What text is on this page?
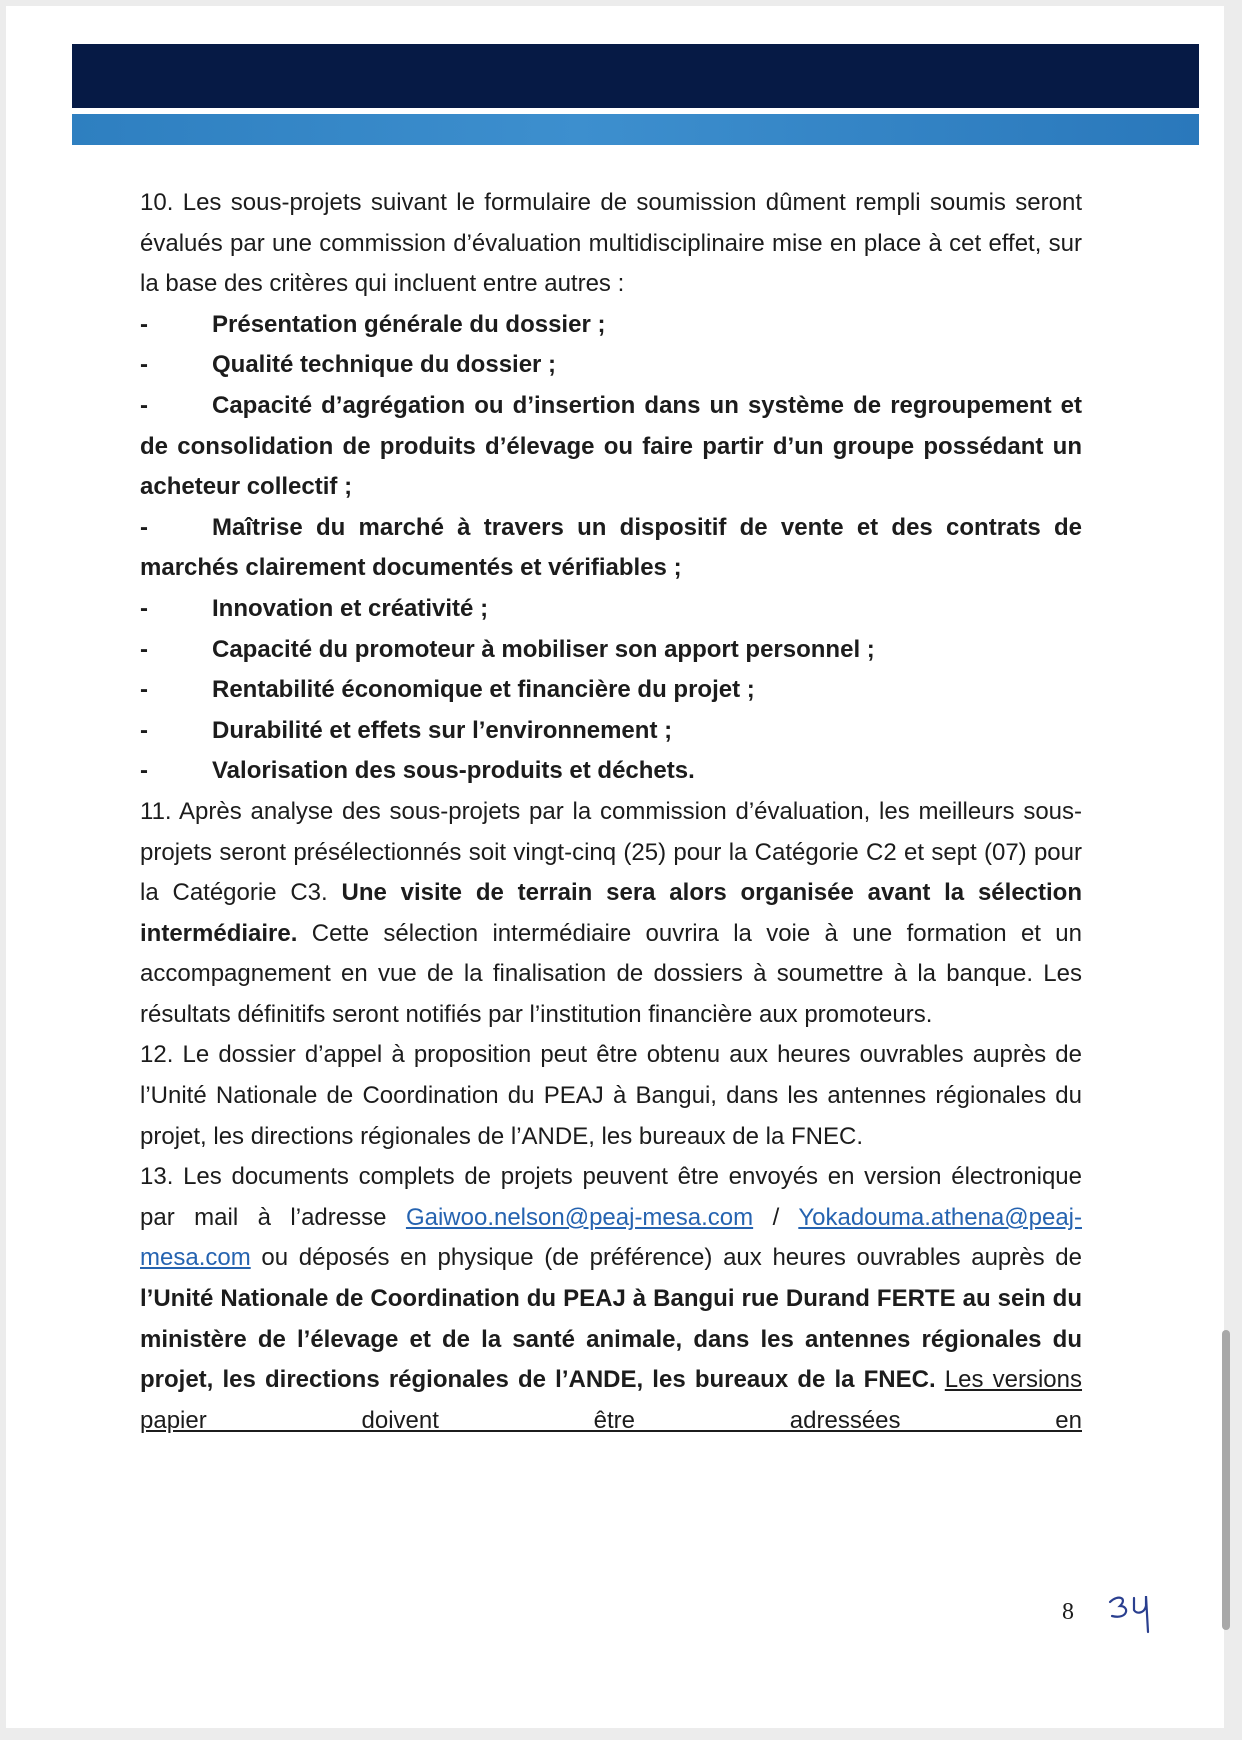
10. Les sous-projets suivant le formulaire de soumission dûment rempli soumis seront évalués par une commission d’évaluation multidisciplinaire mise en place à cet effet, sur la base des critères qui incluent entre autres :

-	Présentation générale du dossier ;

-	Qualité technique du dossier ;

-	Capacité d’agrégation ou d’insertion dans un système de regroupement et de consolidation de produits d’élevage ou faire partir d’un groupe possédant un acheteur collectif ;

-	Maîtrise du marché à travers un dispositif de vente et des contrats de marchés clairement documentés et vérifiables ;

-	Innovation et créativité ;

-	Capacité du promoteur à mobiliser son apport personnel ;

-	Rentabilité économique et financière du projet ;

-	Durabilité et effets sur l’environnement ;

-	Valorisation des sous-produits et déchets.

11. Après analyse des sous-projets par la commission d’évaluation, les meilleurs sous-projets seront présélectionnés soit vingt-cinq (25) pour la Catégorie C2 et sept (07) pour la Catégorie C3. Une visite de terrain sera alors organisée avant la sélection intermédiaire. Cette sélection intermédiaire ouvrira la voie à une formation et un accompagnement en vue de la finalisation de dossiers à soumettre à la banque. Les résultats définitifs seront notifiés par l’institution financière aux promoteurs.

12. Le dossier d’appel à proposition peut être obtenu aux heures ouvrables auprès de l’Unité Nationale de Coordination du PEAJ à Bangui, dans les antennes régionales du projet, les directions régionales de l’ANDE, les bureaux de la FNEC.

13. Les documents complets de projets peuvent être envoyés en version électronique par mail à l’adresse Gaiwoo.nelson@peaj-mesa.com / Yokadouma.athena@peaj-mesa.com ou déposés en physique (de préférence) aux heures ouvrables auprès de l’Unité Nationale de Coordination du PEAJ à Bangui rue Durand FERTE au sein du ministère de l’élevage et de la santé animale, dans les antennes régionales du projet, les directions régionales de l’ANDE, les bureaux de la FNEC. Les versions papier doivent être adressées en

8
